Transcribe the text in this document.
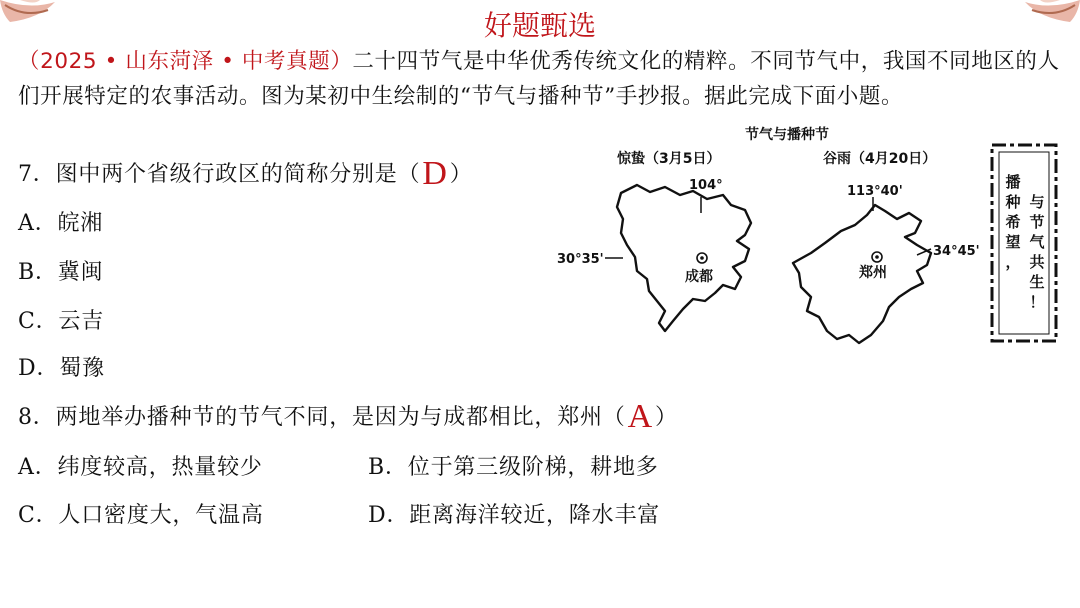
好题甄选
（2025 • 山东菏泽 • 中考真题）二十四节气是中华优秀传统文化的精粹。不同节气中，我国不同地区的人们开展特定的农事活动。图为某初中生绘制的“节气与播种节”手抄报。据此完成下面小题。
7．图中两个省级行政区的简称分别是（D）
A．皖湘
B．冀闽
C．云吉
D．蜀豫
8．两地举办播种节的节气不同，是因为与成都相比，郑州（A）
A．纬度较高，热量较少	B．位于第三级阶梯，耕地多
C．人口密度大，气温高	D．距离海洋较近，降水丰富
节气与播种节
惊蛰（3月5日）	谷雨（4月20日）
104°
30°35'
成都
113°40'
34°45'
郑州
播
种
希
望
，
与
节
气
共
生
！
